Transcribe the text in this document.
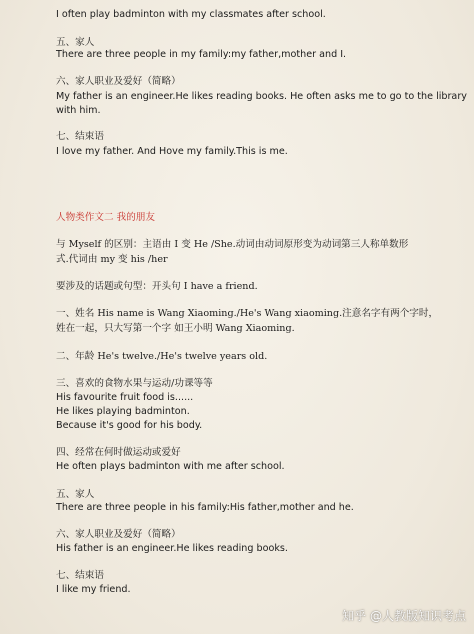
I often play badminton with my classmates after school.
五、家人
There are three people in my family:my father,mother and I.
六、家人职业及爱好（简略）
My father is an engineer.He likes reading books. He often asks me to go to the library
with him.
七、结束语
I love my father. And Hove my family.This is me.
人物类作文二 我的朋友
与 Myself 的区别：主语由 I 变 He /She.动词由动词原形变为动词第三人称单数形
式.代词由 my 变 his /her
要涉及的话题或句型：开头句 I have a friend.
一、姓名 His name is Wang Xiaoming./He's Wang xiaoming.注意名字有两个字时，
姓在一起，只大写第一个字 如王小明 Wang Xiaoming.
二、年龄 He's twelve./He's twelve years old.
三、喜欢的食物水果与运动/功课等等
His favourite fruit food is......
He likes playing badminton.
Because it's good for his body.
四、经常在何时做运动或爱好
He often plays badminton with me after school.
五、家人
There are three people in his family:His father,mother and he.
六、家人职业及爱好（简略）
His father is an engineer.He likes reading books.
七、结束语
I like my friend.
知乎 @人教版知识考点
